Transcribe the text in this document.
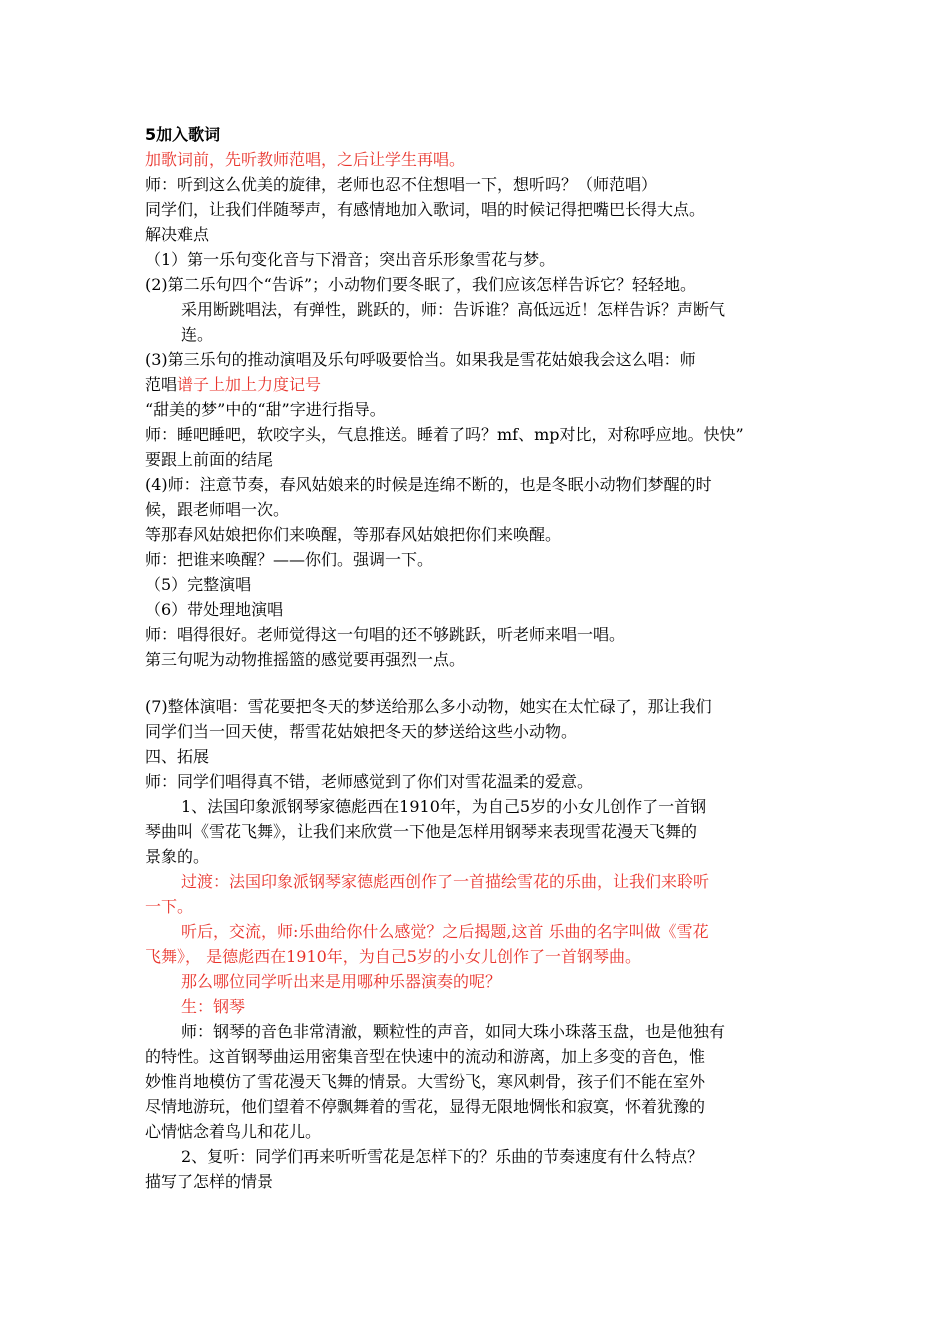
5加入歌词

加歌词前，先听教师范唱，之后让学生再唱。

师：听到这么优美的旋律，老师也忍不住想唱一下，想听吗？（师范唱）

同学们，让我们伴随琴声，有感情地加入歌词，唱的时候记得把嘴巴长得大点。

解决难点

（1）第一乐句变化音与下滑音；突出音乐形象雪花与梦。

(2)第二乐句四个“告诉”；小动物们要冬眠了，我们应该怎样告诉它？轻轻地。

采用断跳唱法，有弹性，跳跃的，师：告诉谁？高低远近！怎样告诉？声断气

连。

(3)第三乐句的推动演唱及乐句呼吸要恰当。如果我是雪花姑娘我会这么唱：师

范唱谱子上加上力度记号

“甜美的梦”中的“甜”字进行指导。

师：睡吧睡吧，软咬字头，气息推送。睡着了吗？mf、mp对比，对称呼应地。快快”

要跟上前面的结尾

(4)师：注意节奏，春风姑娘来的时候是连绵不断的，也是冬眠小动物们梦醒的时

候，跟老师唱一次。

等那春风姑娘把你们来唤醒，等那春风姑娘把你们来唤醒。

师：把谁来唤醒？——你们。强调一下。

（5）完整演唱

（6）带处理地演唱

师：唱得很好。老师觉得这一句唱的还不够跳跃，听老师来唱一唱。

第三句呢为动物推摇篮的感觉要再强烈一点。

(7)整体演唱：雪花要把冬天的梦送给那么多小动物，她实在太忙碌了，那让我们

同学们当一回天使，帮雪花姑娘把冬天的梦送给这些小动物。

四、拓展

师：同学们唱得真不错，老师感觉到了你们对雪花温柔的爱意。

1、法国印象派钢琴家德彪西在1910年，为自己5岁的小女儿创作了一首钢

琴曲叫《雪花飞舞》，让我们来欣赏一下他是怎样用钢琴来表现雪花漫天飞舞的

景象的。

过渡：法国印象派钢琴家德彪西创作了一首描绘雪花的乐曲，让我们来聆听

一下。

听后，交流，师:乐曲给你什么感觉？之后揭题,这首 乐曲的名字叫做《雪花

飞舞》， 是德彪西在1910年，为自己5岁的小女儿创作了一首钢琴曲。

那么哪位同学听出来是用哪种乐器演奏的呢？

生：钢琴

师：钢琴的音色非常清澈，颗粒性的声音，如同大珠小珠落玉盘，也是他独有

的特性。这首钢琴曲运用密集音型在快速中的流动和游离，加上多变的音色，惟

妙惟肖地模仿了雪花漫天飞舞的情景。大雪纷飞，寒风刺骨，孩子们不能在室外

尽情地游玩，他们望着不停飘舞着的雪花，显得无限地惆怅和寂寞，怀着犹豫的

心情惦念着鸟儿和花儿。

2、复听：同学们再来听听雪花是怎样下的？乐曲的节奏速度有什么特点？

描写了怎样的情景
